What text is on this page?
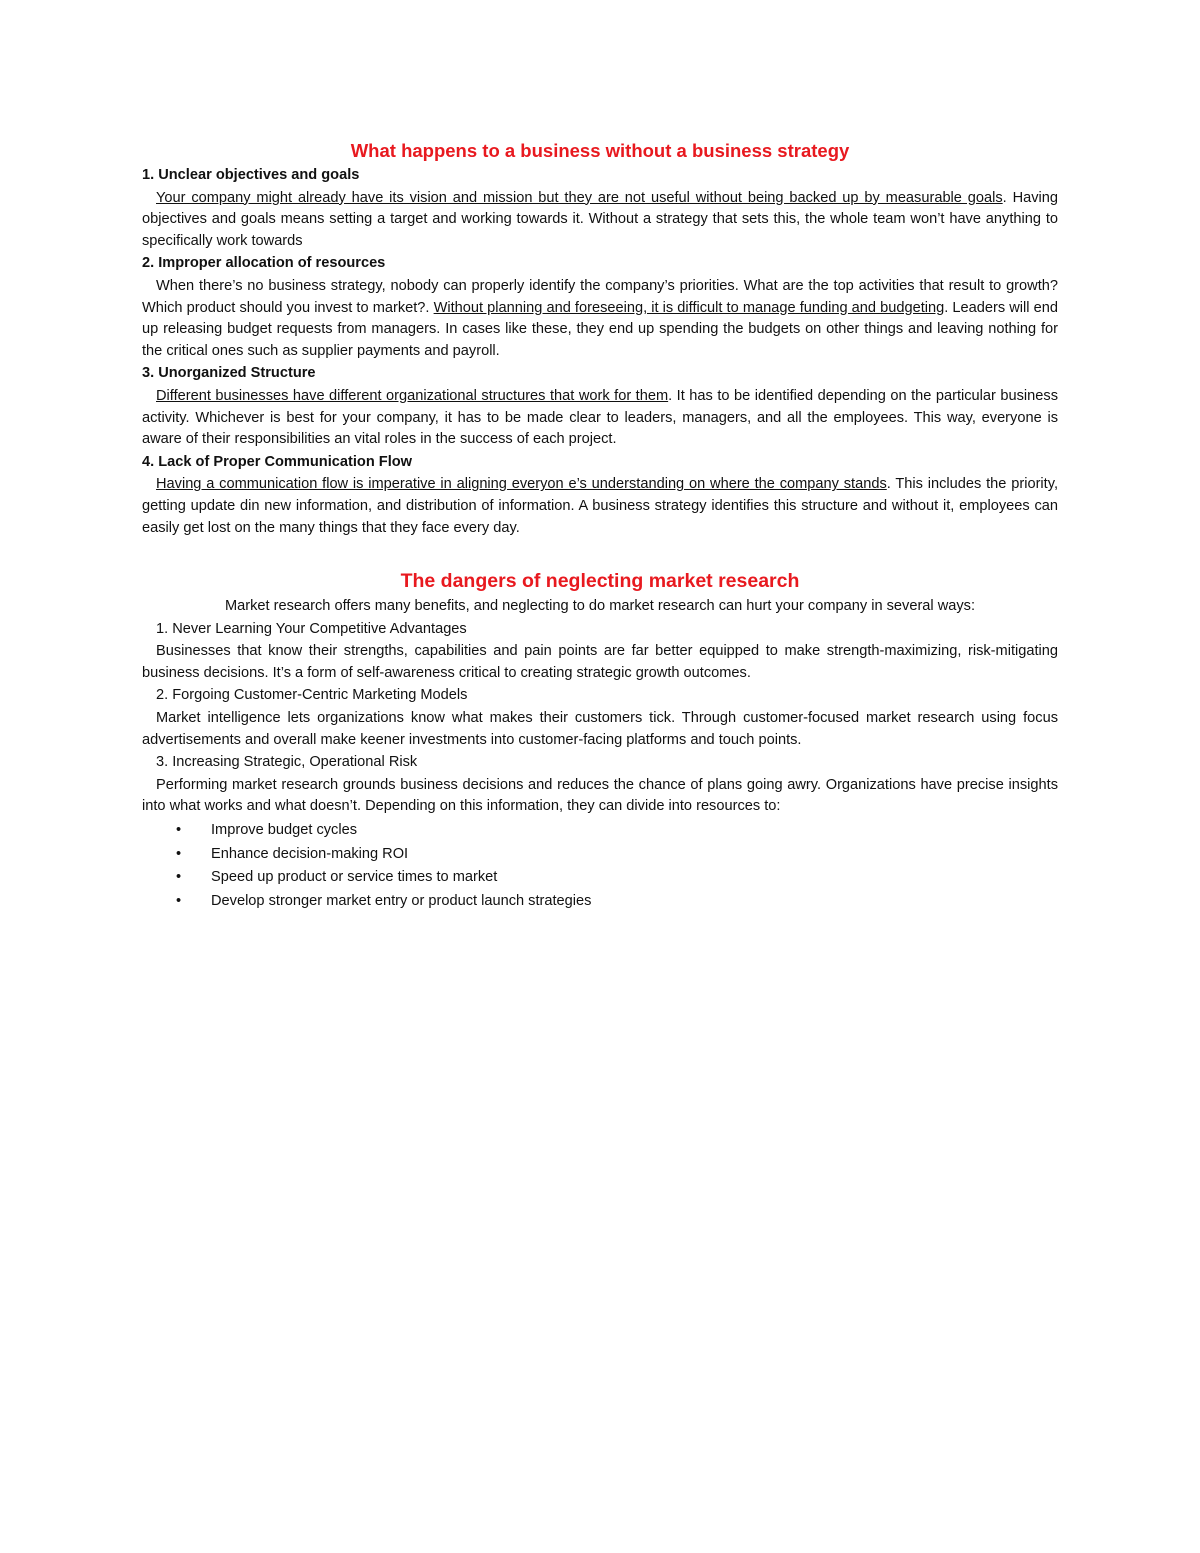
What happens to a business without a business strategy
1. Unclear objectives and goals

Your company might already have its vision and mission but they are not useful without being backed up by measurable goals. Having objectives and goals means setting a target and working towards it. Without a strategy that sets this, the whole team won’t have anything to specifically work towards

2. Improper allocation of resources

When there’s no business strategy, nobody can properly identify the company’s priorities. What are the top activities that result to growth? Which product should you invest to market?. Without planning and foreseeing, it is difficult to manage funding and budgeting. Leaders will end up releasing budget requests from managers. In cases like these, they end up spending the budgets on other things and leaving nothing for the critical ones such as supplier payments and payroll.

3. Unorganized Structure

Different businesses have different organizational structures that work for them. It has to be identified depending on the particular business activity. Whichever is best for your company, it has to be made clear to leaders, managers, and all the employees. This way, everyone is aware of their responsibilities an vital roles in the success of each project.

4. Lack of Proper Communication Flow

Having a communication flow is imperative in aligning everyon e’s understanding on where the company stands. This includes the priority, getting update din new information, and distribution of information. A business strategy identifies this structure and without it, employees can easily get lost on the many things that they face every day.

The dangers of neglecting market research

Market research offers many benefits, and neglecting to do market research can hurt your company in several ways:

1. Never Learning Your Competitive Advantages

Businesses that know their strengths, capabilities and pain points are far better equipped to make strength-maximizing, risk-mitigating business decisions. It’s a form of self-awareness critical to creating strategic growth outcomes.

2. Forgoing Customer-Centric Marketing Models

Market intelligence lets organizations know what makes their customers tick. Through customer-focused market research using focus advertisements and overall make keener investments into customer-facing platforms and touch points.

3. Increasing Strategic, Operational Risk

Performing market research grounds business decisions and reduces the chance of plans going awry. Organizations have precise insights into what works and what doesn’t. Depending on this information, they can divide into resources to:

• Improve budget cycles
• Enhance decision-making ROI
• Speed up product or service times to market
• Develop stronger market entry or product launch strategies
